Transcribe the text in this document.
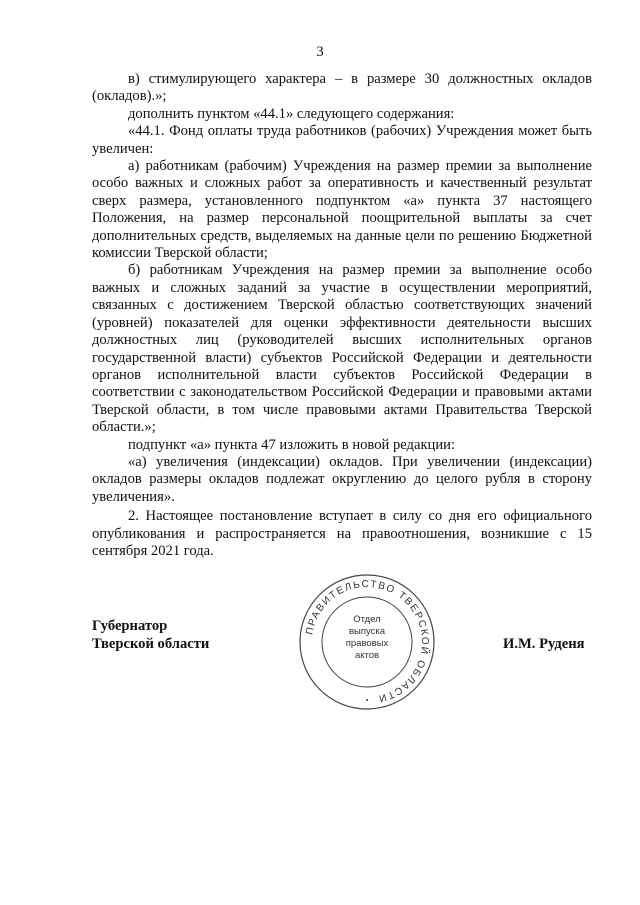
3

в) стимулирующего характера – в размере 30 должностных окладов (окладов).»;

дополнить пунктом «44.1» следующего содержания:

«44.1. Фонд оплаты труда работников (рабочих) Учреждения может быть увеличен:

а) работникам (рабочим) Учреждения на размер премии за выполнение особо важных и сложных работ за оперативность и качественный результат сверх размера, установленного подпунктом «а» пункта 37 настоящего Положения, на размер персональной поощрительной выплаты за счет дополнительных средств, выделяемых на данные цели по решению Бюджетной комиссии Тверской области;

б) работникам Учреждения на размер премии за выполнение особо важных и сложных заданий за участие в осуществлении мероприятий, связанных с достижением Тверской областью соответствующих значений (уровней) показателей для оценки эффективности деятельности высших должностных лиц (руководителей высших исполнительных органов государственной власти) субъектов Российской Федерации и деятельности органов исполнительной власти субъектов Российской Федерации в соответствии с законодательством Российской Федерации и правовыми актами Тверской области, в том числе правовыми актами Правительства Тверской области.»;

подпункт «а» пункта 47 изложить в новой редакции:

«а) увеличения (индексации) окладов. При увеличении (индексации) окладов размеры окладов подлежат округлению до целого рубля в сторону увеличения».

2. Настоящее постановление вступает в силу со дня его официального опубликования и распространяется на правоотношения, возникшие с 15 сентября 2021 года.

Губернатор
Тверской области
ПРАВИТЕЛЬСТВО ТВЕРСКОЙ ОБЛАСТИ
•
Отдел
выпуска
правовых
актов
И.М. Руденя
